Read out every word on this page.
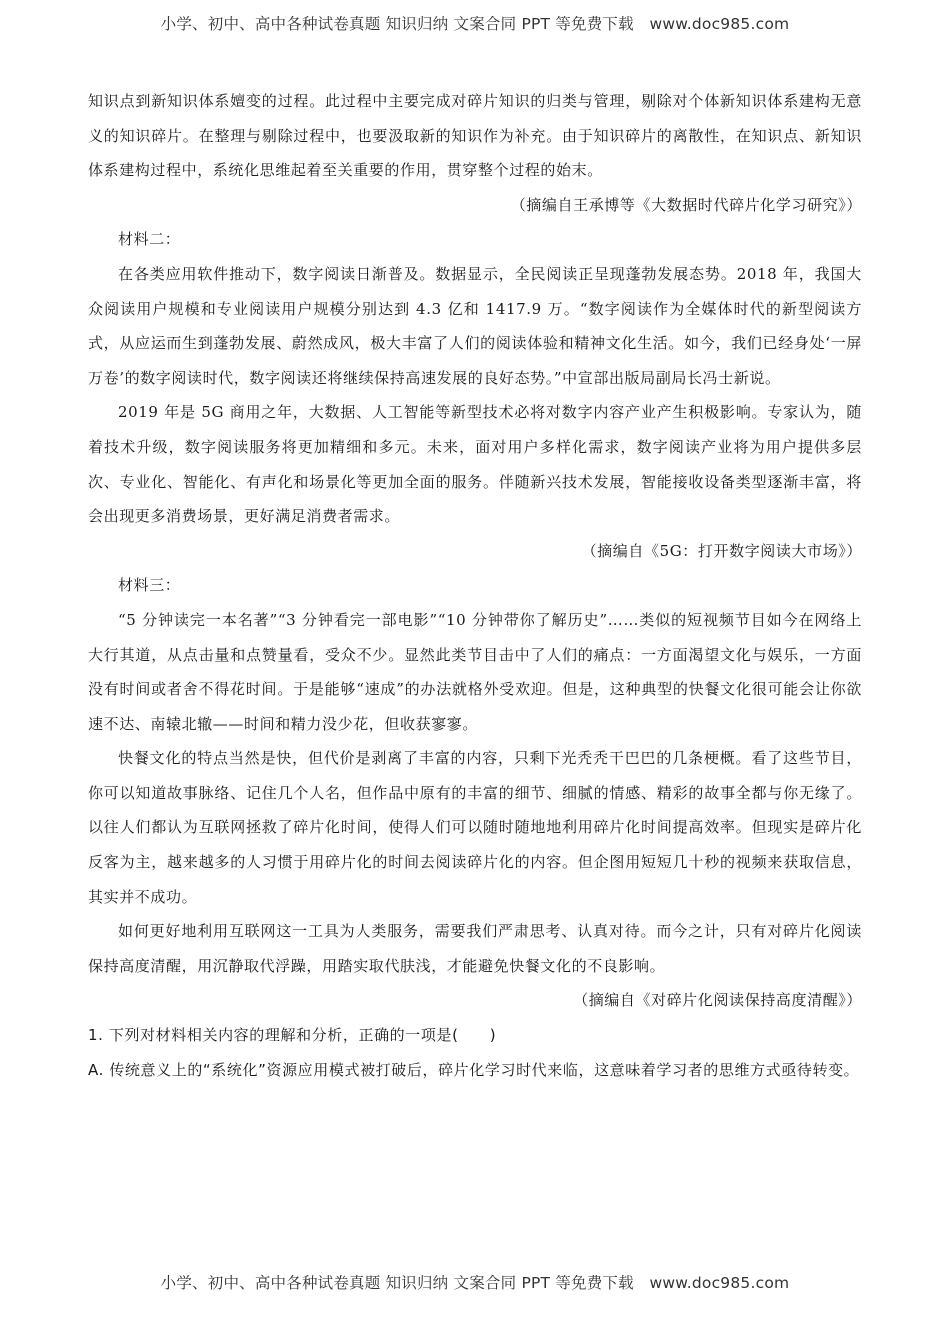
小学、初中、高中各种试卷真题 知识归纳 文案合同 PPT 等免费下载　www.doc985.com

知识点到新知识体系嬗变的过程。此过程中主要完成对碎片知识的归类与管理，剔除对个体新知识体系建构无意义的知识碎片。在整理与剔除过程中，也要汲取新的知识作为补充。由于知识碎片的离散性，在知识点、新知识体系建构过程中，系统化思维起着至关重要的作用，贯穿整个过程的始末。

（摘编自王承博等《大数据时代碎片化学习研究》）

材料二：

在各类应用软件推动下，数字阅读日渐普及。数据显示，全民阅读正呈现蓬勃发展态势。2018 年，我国大众阅读用户规模和专业阅读用户规模分别达到 4.3 亿和 1417.9 万。“数字阅读作为全媒体时代的新型阅读方式，从应运而生到蓬勃发展、蔚然成风，极大丰富了人们的阅读体验和精神文化生活。如今，我们已经身处‘一屏万卷’的数字阅读时代，数字阅读还将继续保持高速发展的良好态势。”中宣部出版局副局长冯士新说。

2019 年是 5G 商用之年，大数据、人工智能等新型技术必将对数字内容产业产生积极影响。专家认为，随着技术升级，数字阅读服务将更加精细和多元。未来，面对用户多样化需求，数字阅读产业将为用户提供多层次、专业化、智能化、有声化和场景化等更加全面的服务。伴随新兴技术发展，智能接收设备类型逐渐丰富，将会出现更多消费场景，更好满足消费者需求。

（摘编自《5G：打开数字阅读大市场》）

材料三：

“5 分钟读完一本名著”“3 分钟看完一部电影”“10 分钟带你了解历史”……类似的短视频节目如今在网络上大行其道，从点击量和点赞量看，受众不少。显然此类节目击中了人们的痛点：一方面渴望文化与娱乐，一方面没有时间或者舍不得花时间。于是能够“速成”的办法就格外受欢迎。但是，这种典型的快餐文化很可能会让你欲速不达、南辕北辙——时间和精力没少花，但收获寥寥。

快餐文化的特点当然是快，但代价是剥离了丰富的内容，只剩下光秃秃干巴巴的几条梗概。看了这些节目，你可以知道故事脉络、记住几个人名，但作品中原有的丰富的细节、细腻的情感、精彩的故事全都与你无缘了。以往人们都认为互联网拯救了碎片化时间，使得人们可以随时随地地利用碎片化时间提高效率。但现实是碎片化反客为主，越来越多的人习惯于用碎片化的时间去阅读碎片化的内容。但企图用短短几十秒的视频来获取信息，其实并不成功。

如何更好地利用互联网这一工具为人类服务，需要我们严肃思考、认真对待。而今之计，只有对碎片化阅读保持高度清醒，用沉静取代浮躁，用踏实取代肤浅，才能避免快餐文化的不良影响。

（摘编自《对碎片化阅读保持高度清醒》）

1. 下列对材料相关内容的理解和分析，正确的一项是(　　)

A. 传统意义上的“系统化”资源应用模式被打破后，碎片化学习时代来临，这意味着学习者的思维方式亟待转变。

小学、初中、高中各种试卷真题 知识归纳 文案合同 PPT 等免费下载　www.doc985.com
